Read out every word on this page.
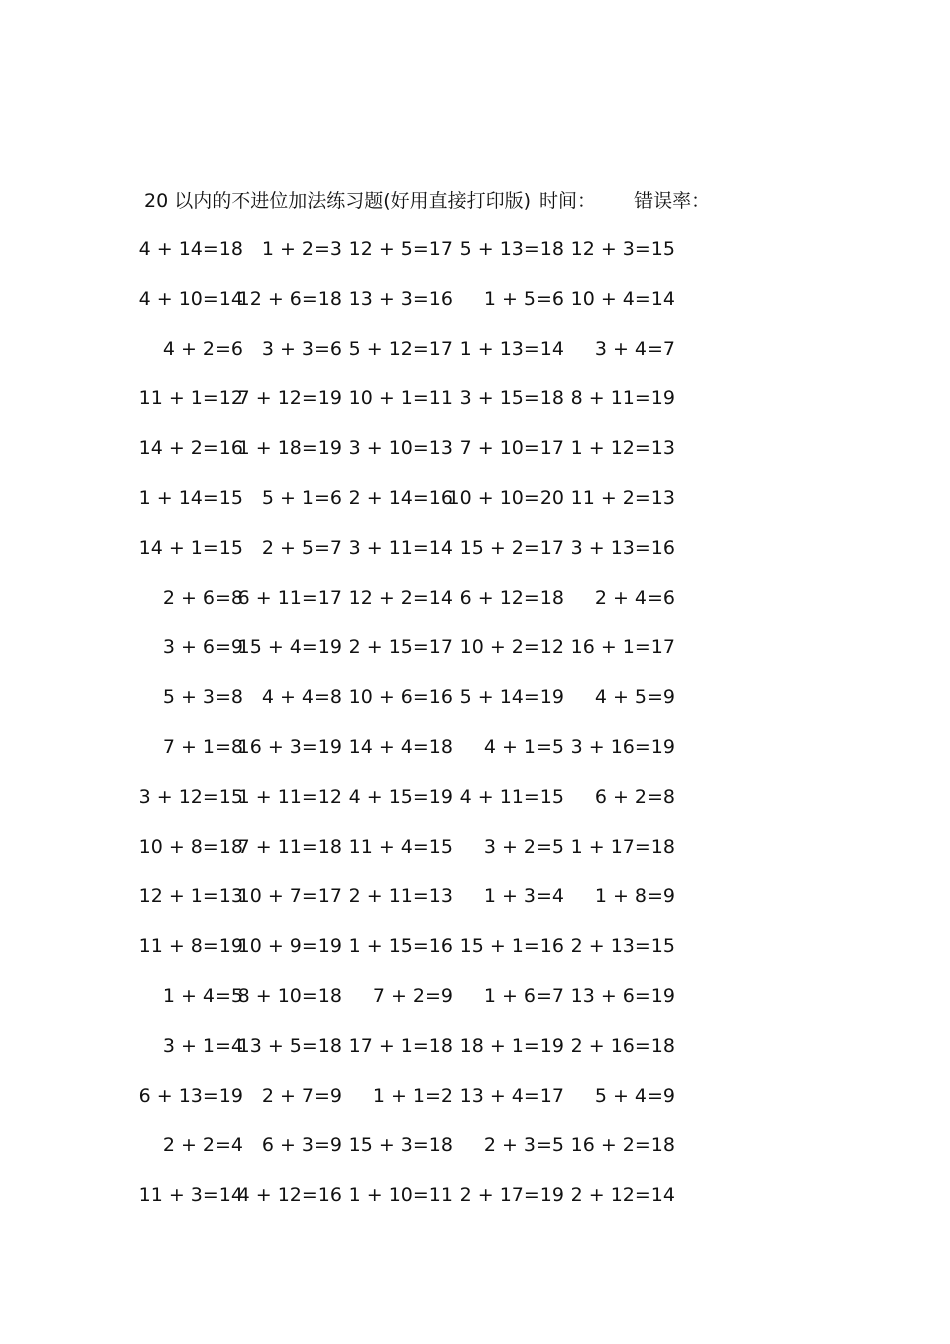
20 以内的不进位加法练习题(好用直接打印版) 时间： 错误率：
4 + 14=18 1 + 2=3 12 + 5=17 5 + 13=18 12 + 3=15
4 + 10=14
12 + 6=18 13 + 3=16 1 + 5=6 10 + 4=14
4 + 2=6 3 + 3=6 5 + 12=17 1 + 13=14 3 + 4=7
11 + 1=12
7 + 12=19 10 + 1=11 3 + 15=18 8 + 11=19
14 + 2=16
1 + 18=19 3 + 10=13 7 + 10=17 1 + 12=13
1 + 14=15 5 + 1=6 2 + 14=16
10 + 10=20 11 + 2=13
14 + 1=15 2 + 5=7 3 + 11=14 15 + 2=17 3 + 13=16
2 + 6=8
6 + 11=17 12 + 2=14 6 + 12=18 2 + 4=6
3 + 6=9
15 + 4=19 2 + 15=17 10 + 2=12 16 + 1=17
5 + 3=8 4 + 4=8 10 + 6=16 5 + 14=19 4 + 5=9
7 + 1=8
16 + 3=19 14 + 4=18 4 + 1=5 3 + 16=19
3 + 12=15
1 + 11=12 4 + 15=19 4 + 11=15 6 + 2=8
10 + 8=18
7 + 11=18 11 + 4=15 3 + 2=5 1 + 17=18
12 + 1=13
10 + 7=17 2 + 11=13 1 + 3=4 1 + 8=9
11 + 8=19
10 + 9=19 1 + 15=16 15 + 1=16 2 + 13=15
1 + 4=5
8 + 10=18 7 + 2=9 1 + 6=7 13 + 6=19
3 + 1=4
13 + 5=18 17 + 1=18 18 + 1=19 2 + 16=18
6 + 13=19 2 + 7=9 1 + 1=2 13 + 4=17 5 + 4=9
2 + 2=4 6 + 3=9 15 + 3=18 2 + 3=5 16 + 2=18
11 + 3=14
4 + 12=16 1 + 10=11 2 + 17=19 2 + 12=14
